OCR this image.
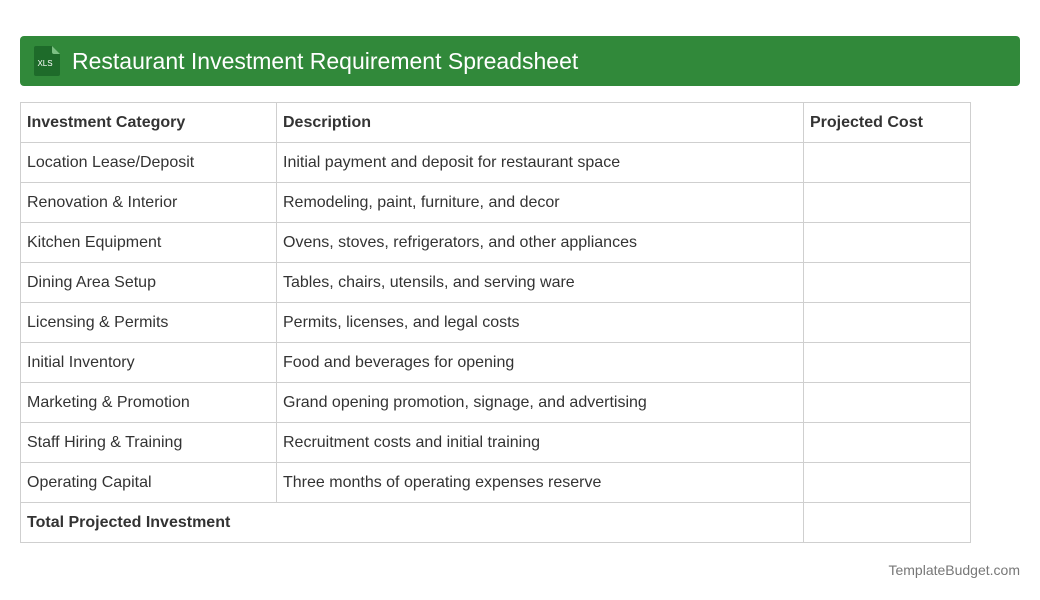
XLS Restaurant Investment Requirement Spreadsheet
Investment Category	Description	Projected Cost
Location Lease/Deposit	Initial payment and deposit for restaurant space	
Renovation & Interior	Remodeling, paint, furniture, and decor	
Kitchen Equipment	Ovens, stoves, refrigerators, and other appliances	
Dining Area Setup	Tables, chairs, utensils, and serving ware	
Licensing & Permits	Permits, licenses, and legal costs	
Initial Inventory	Food and beverages for opening	
Marketing & Promotion	Grand opening promotion, signage, and advertising	
Staff Hiring & Training	Recruitment costs and initial training	
Operating Capital	Three months of operating expenses reserve	
Total Projected Investment		
TemplateBudget.com
